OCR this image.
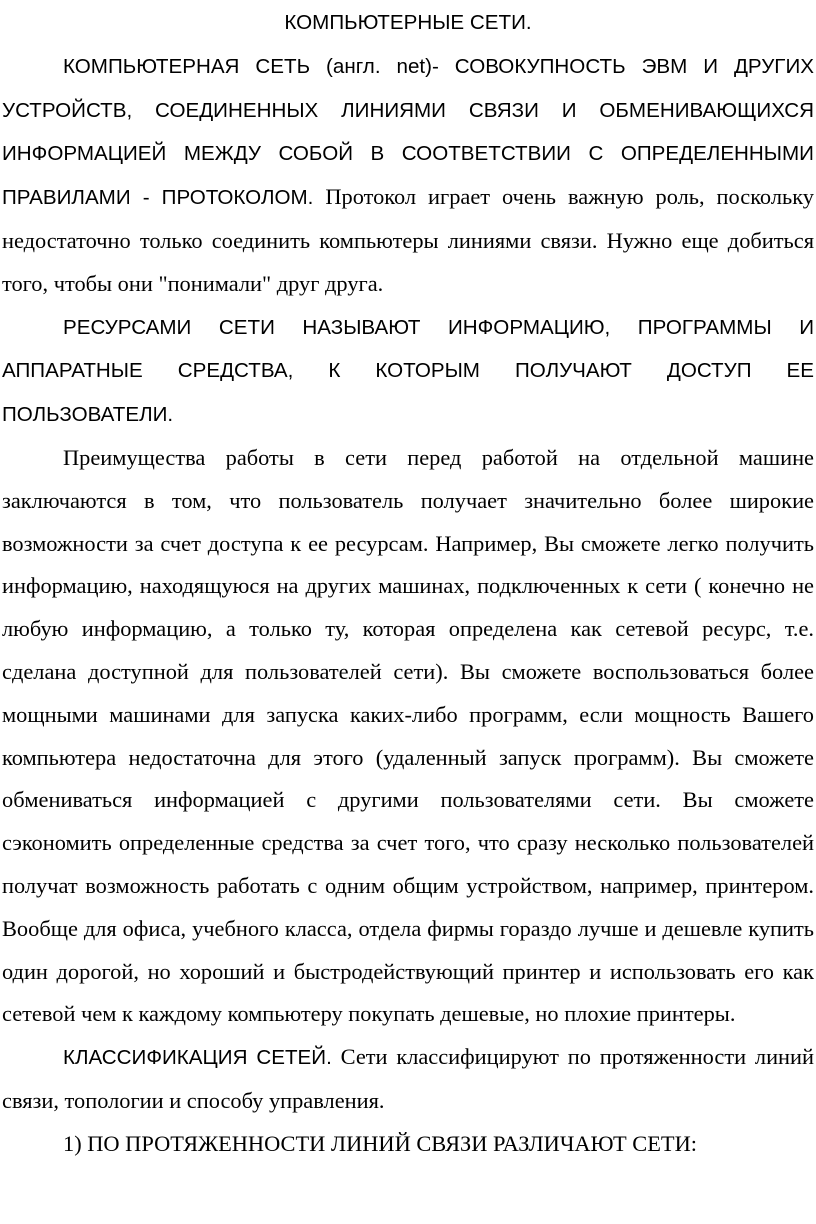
КОМПЬЮТЕРНЫЕ СЕТИ.

КОМПЬЮТЕРНАЯ СЕТЬ (англ. net)- СОВОКУПНОСТЬ ЭВМ И ДРУГИХ УСТРОЙСТВ, СОЕДИНЕННЫХ ЛИНИЯМИ СВЯЗИ И ОБМЕНИВАЮЩИХСЯ ИНФОРМАЦИЕЙ МЕЖДУ СОБОЙ В СООТВЕТСТВИИ С ОПРЕДЕЛЕННЫМИ ПРАВИЛАМИ - ПРОТОКОЛОМ. Протокол играет очень важную роль, поскольку недостаточно только соединить компьютеры линиями связи. Нужно еще добиться того, чтобы они "понимали" друг друга.

РЕСУРСАМИ СЕТИ НАЗЫВАЮТ ИНФОРМАЦИЮ, ПРОГРАММЫ И АППАРАТНЫЕ СРЕДСТВА, К КОТОРЫМ ПОЛУЧАЮТ ДОСТУП ЕЕ ПОЛЬЗОВАТЕЛИ.

Преимущества работы в сети перед работой на отдельной машине заключаются в том, что пользователь получает значительно более широкие возможности за счет доступа к ее ресурсам. Например, Вы сможете легко получить информацию, находящуюся на других машинах, подключенных к сети ( конечно не любую информацию, а только ту, которая определена как сетевой ресурс, т.е. сделана доступной для пользователей сети). Вы сможете воспользоваться более мощными машинами для запуска каких-либо программ, если мощность Вашего компьютера недостаточна для этого (удаленный запуск программ). Вы сможете обмениваться информацией с другими пользователями сети. Вы сможете сэкономить определенные средства за счет того, что сразу несколько пользователей получат возможность работать с одним общим устройством, например, принтером. Вообще для офиса, учебного класса, отдела фирмы гораздо лучше и дешевле купить один дорогой, но хороший и быстродействующий принтер и использовать его как сетевой чем к каждому компьютеру покупать дешевые, но плохие принтеры.

КЛАССИФИКАЦИЯ СЕТЕЙ. Сети классифицируют по протяженности линий связи, топологии и способу управления.

1) ПО ПРОТЯЖЕННОСТИ ЛИНИЙ СВЯЗИ РАЗЛИЧАЮТ СЕТИ:
